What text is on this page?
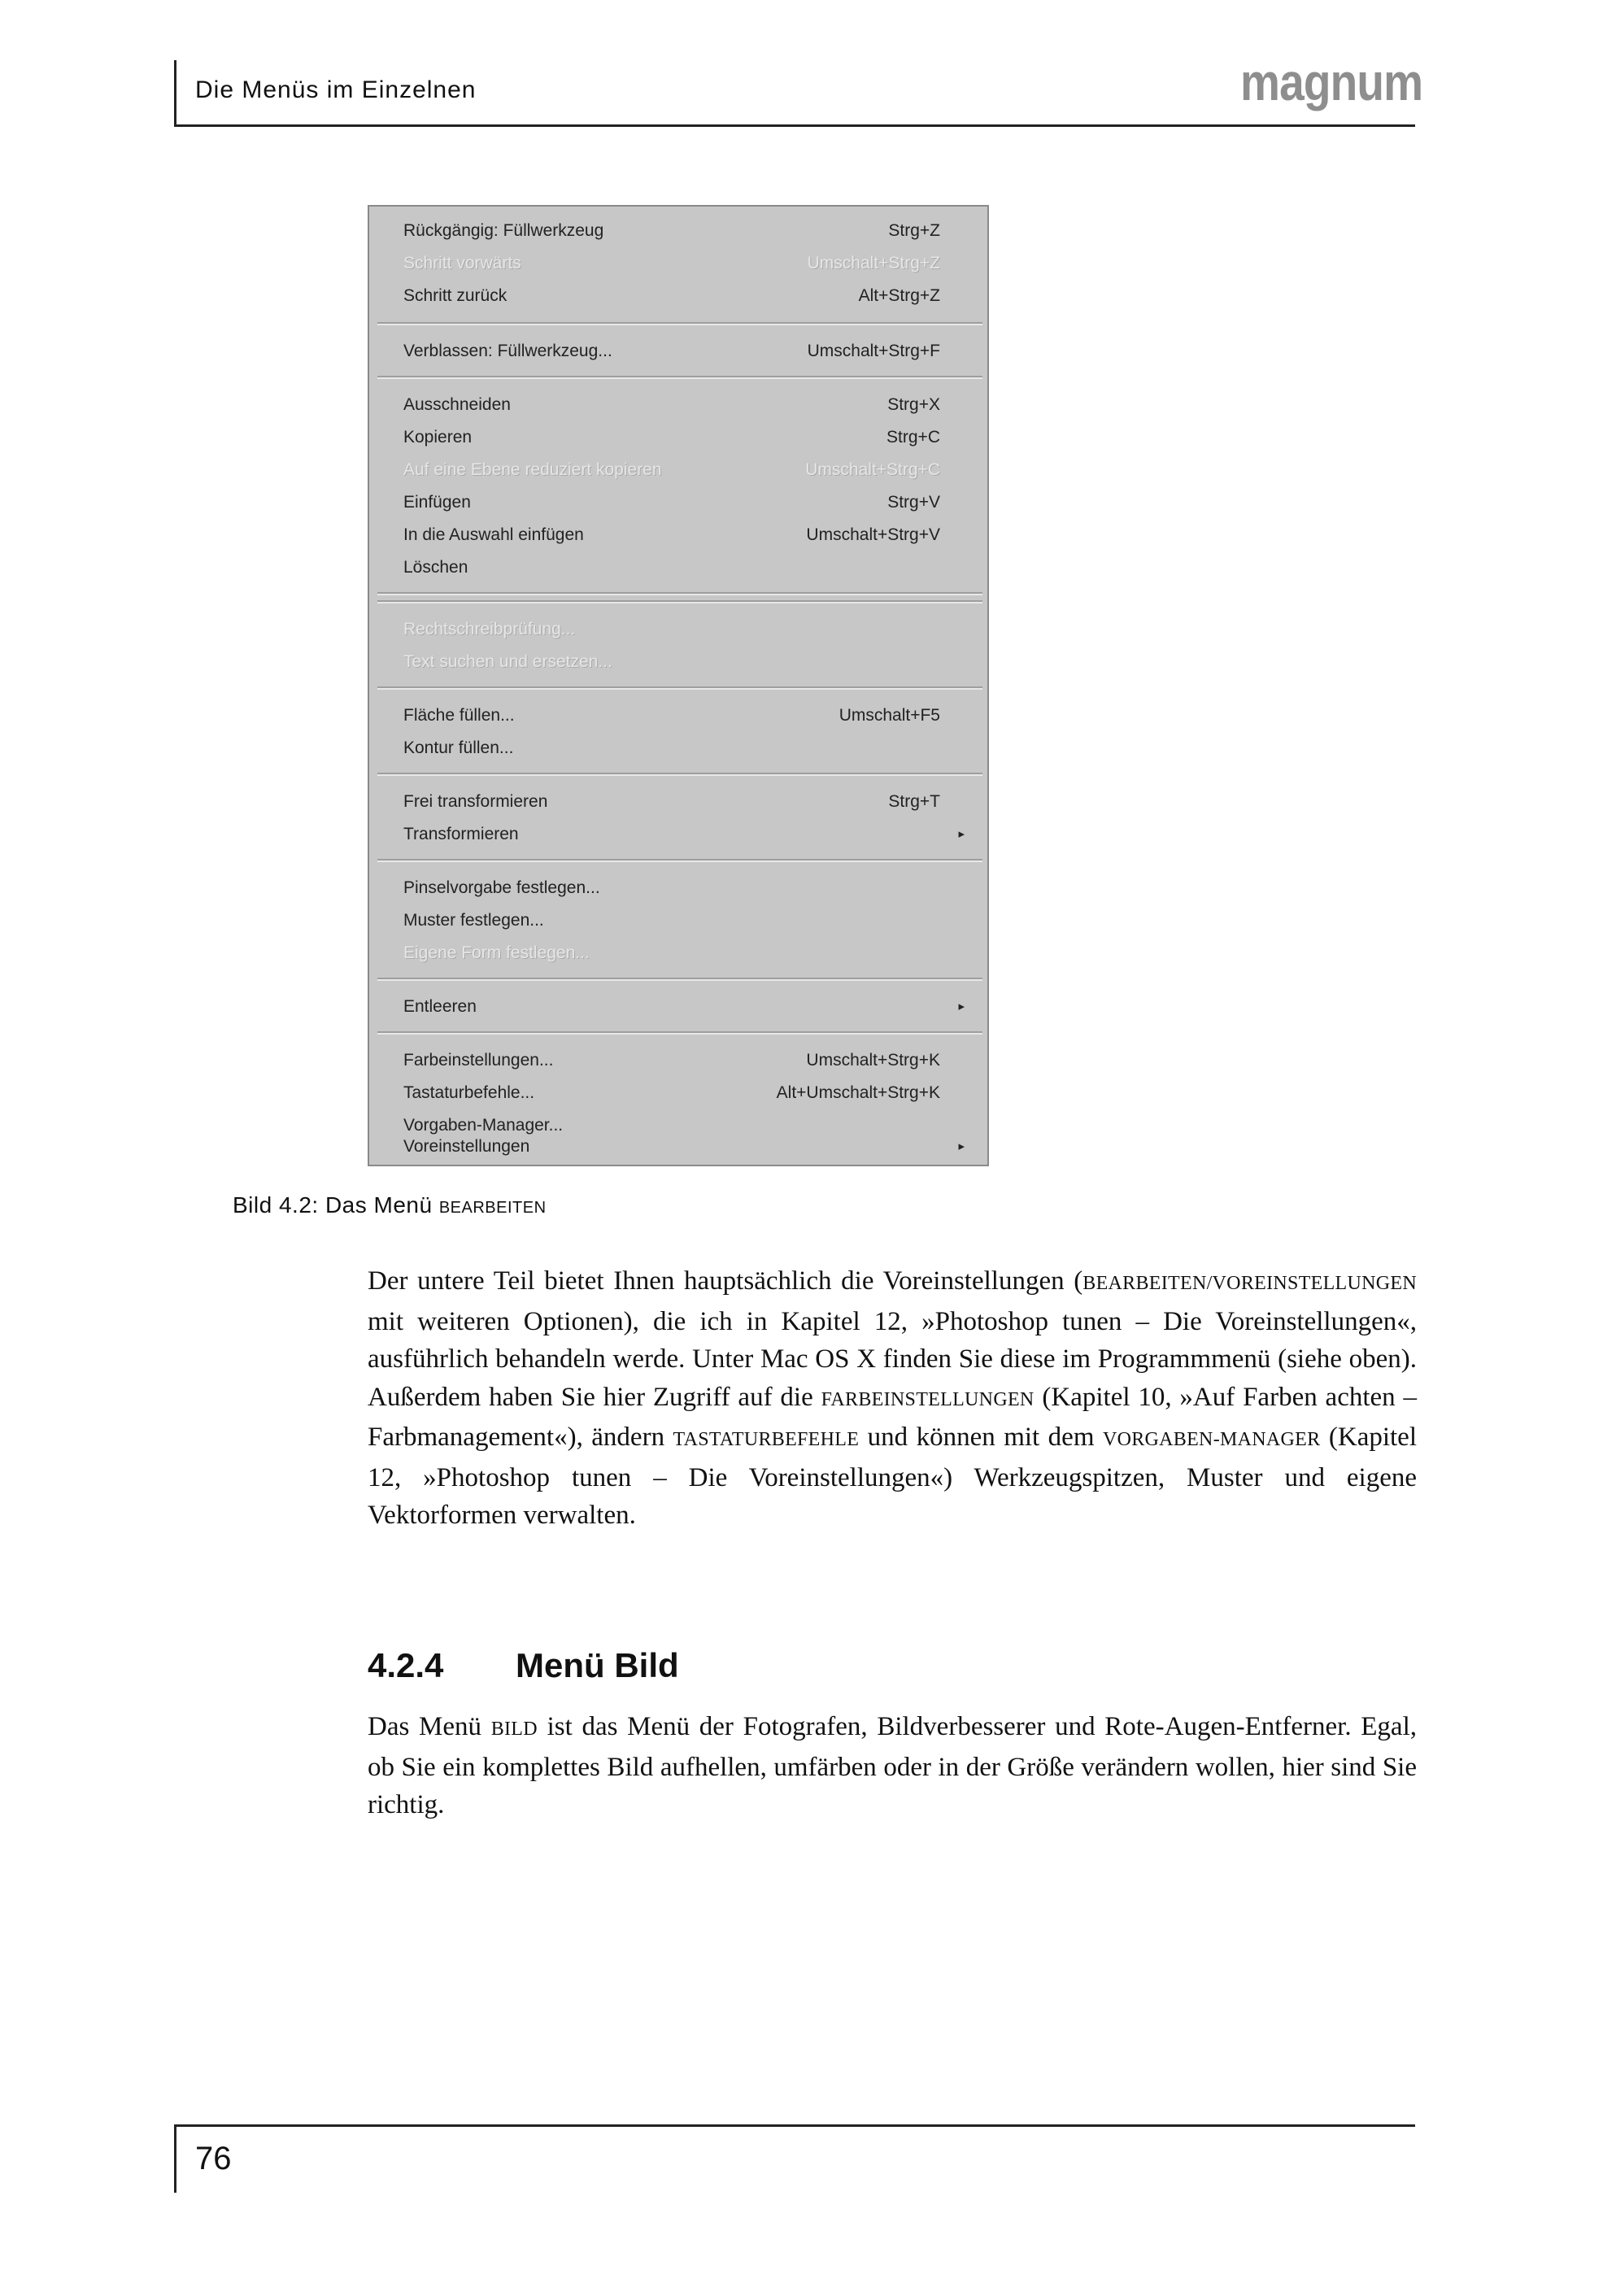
Die Menüs im Einzelnen	magnum
Rückgängig: Füllwerkzeug	Strg+Z
Schritt vorwärts	Umschalt+Strg+Z
Schritt zurück	Alt+Strg+Z
Verblassen: Füllwerkzeug...	Umschalt+Strg+F
Ausschneiden	Strg+X
Kopieren	Strg+C
Auf eine Ebene reduziert kopieren	Umschalt+Strg+C
Einfügen	Strg+V
In die Auswahl einfügen	Umschalt+Strg+V
Löschen
Rechtschreibprüfung...
Text suchen und ersetzen...
Fläche füllen...	Umschalt+F5
Kontur füllen...
Frei transformieren	Strg+T
Transformieren	▸
Pinselvorgabe festlegen...
Muster festlegen...
Eigene Form festlegen...
Entleeren	▸
Farbeinstellungen...	Umschalt+Strg+K
Tastaturbefehle...	Alt+Umschalt+Strg+K
Vorgaben-Manager...
Voreinstellungen	▸
Bild 4.2: Das Menü BEARBEITEN

Der untere Teil bietet Ihnen hauptsächlich die Voreinstellungen (BEARBEITEN/VOREINSTELLUNGEN mit weiteren Optionen), die ich in Kapitel 12, »Photoshop tunen – Die Voreinstellungen«, ausführlich behandeln werde. Unter Mac OS X finden Sie diese im Programmmenü (siehe oben). Außerdem haben Sie hier Zugriff auf die FARBEINSTELLUNGEN (Kapitel 10, »Auf Farben achten – Farbmanagement«), ändern TASTATURBEFEHLE und können mit dem VORGABEN-MANAGER (Kapitel 12, »Photoshop tunen – Die Voreinstellungen«) Werkzeugspitzen, Muster und eigene Vektorformen verwalten.

4.2.4 Menü Bild

Das Menü BILD ist das Menü der Fotografen, Bildverbesserer und Rote-Augen-Entferner. Egal, ob Sie ein komplettes Bild aufhellen, umfärben oder in der Größe verändern wollen, hier sind Sie richtig.

76
